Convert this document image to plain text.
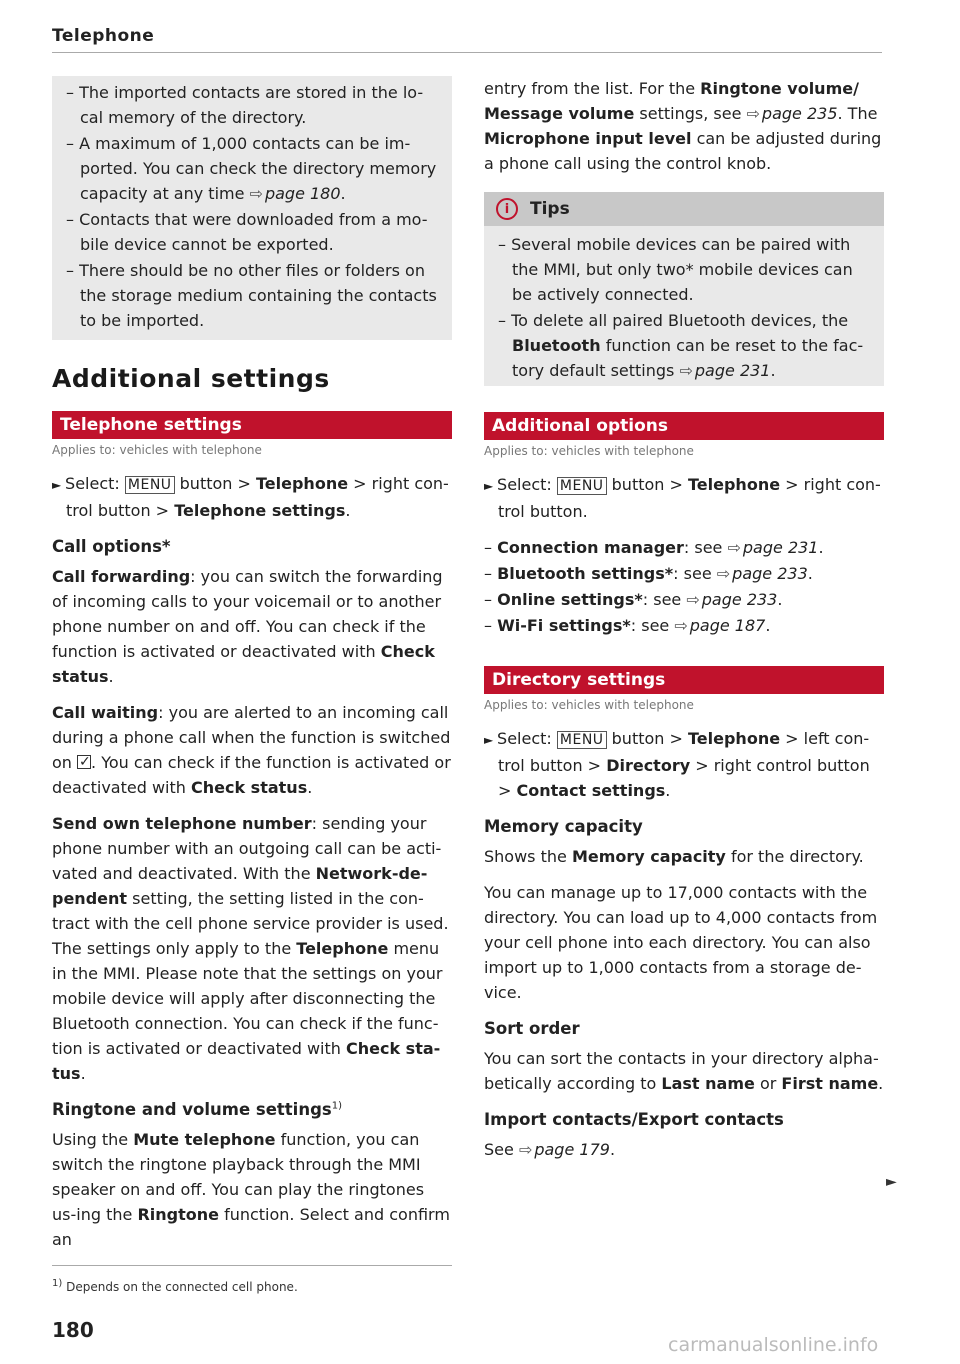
Telephone
– The imported contacts are stored in the lo-cal memory of the directory.
– A maximum of 1,000 contacts can be im-ported. You can check the directory memory capacity at any time ⇨ page 180.
– Contacts that were downloaded from a mo-bile device cannot be exported.
– There should be no other files or folders on the storage medium containing the contacts to be imported.
Additional settings
Telephone settings
Applies to: vehicles with telephone

► Select: MENU button > Telephone > right con-trol button > Telephone settings.

Call options*

Call forwarding: you can switch the forwarding of incoming calls to your voicemail or to another phone number on and off. You can check if the function is activated or deactivated with Check status.

Call waiting: you are alerted to an incoming call during a phone call when the function is switched on ✓ . You can check if the function is activated or deactivated with Check status.

Send own telephone number: sending your phone number with an outgoing call can be acti-vated and deactivated. With the Network-de-pendent setting, the setting listed in the con-tract with the cell phone service provider is used. The settings only apply to the Telephone menu in the MMI. Please note that the settings on your mobile device will apply after disconnecting the Bluetooth connection. You can check if the func-tion is activated or deactivated with Check sta-tus.

Ringtone and volume settings$^{1)}$

Using the Mute telephone function, you can switch the ringtone playback through the MMI speaker on and off. You can play the ringtones us-ing the Ringtone function. Select and confirm an

entry from the list. For the Ringtone volume/ Message volume settings, see ⇨ page 235. The Microphone input level can be adjusted during a phone call using the control knob.

i	Tips
– Several mobile devices can be paired with the MMI, but only two* mobile devices can be actively connected.
– To delete all paired Bluetooth devices, the Bluetooth function can be reset to the fac-tory default settings ⇨ page 231.
Additional options
Applies to: vehicles with telephone

► Select: MENU button > Telephone > right con-trol button.

– Connection manager: see ⇨ page 231.
– Bluetooth settings*: see ⇨ page 233.
– Online settings*: see ⇨ page 233.
– Wi-Fi settings*: see ⇨ page 187.
Directory settings
Applies to: vehicles with telephone

► Select: MENU button > Telephone > left con-trol button > Directory > right control button > Contact settings.

Memory capacity

Shows the Memory capacity for the directory.

You can manage up to 17,000 contacts with the directory. You can load up to 4,000 contacts from your cell phone into each directory. You can also import up to 1,000 contacts from a storage de-vice.

Sort order

You can sort the contacts in your directory alpha-betically according to Last name or First name.

Import contacts/Export contacts

See ⇨ page 179.

►
$^{1)}$ Depends on the connected cell phone.
180
carmanualsonline.info
